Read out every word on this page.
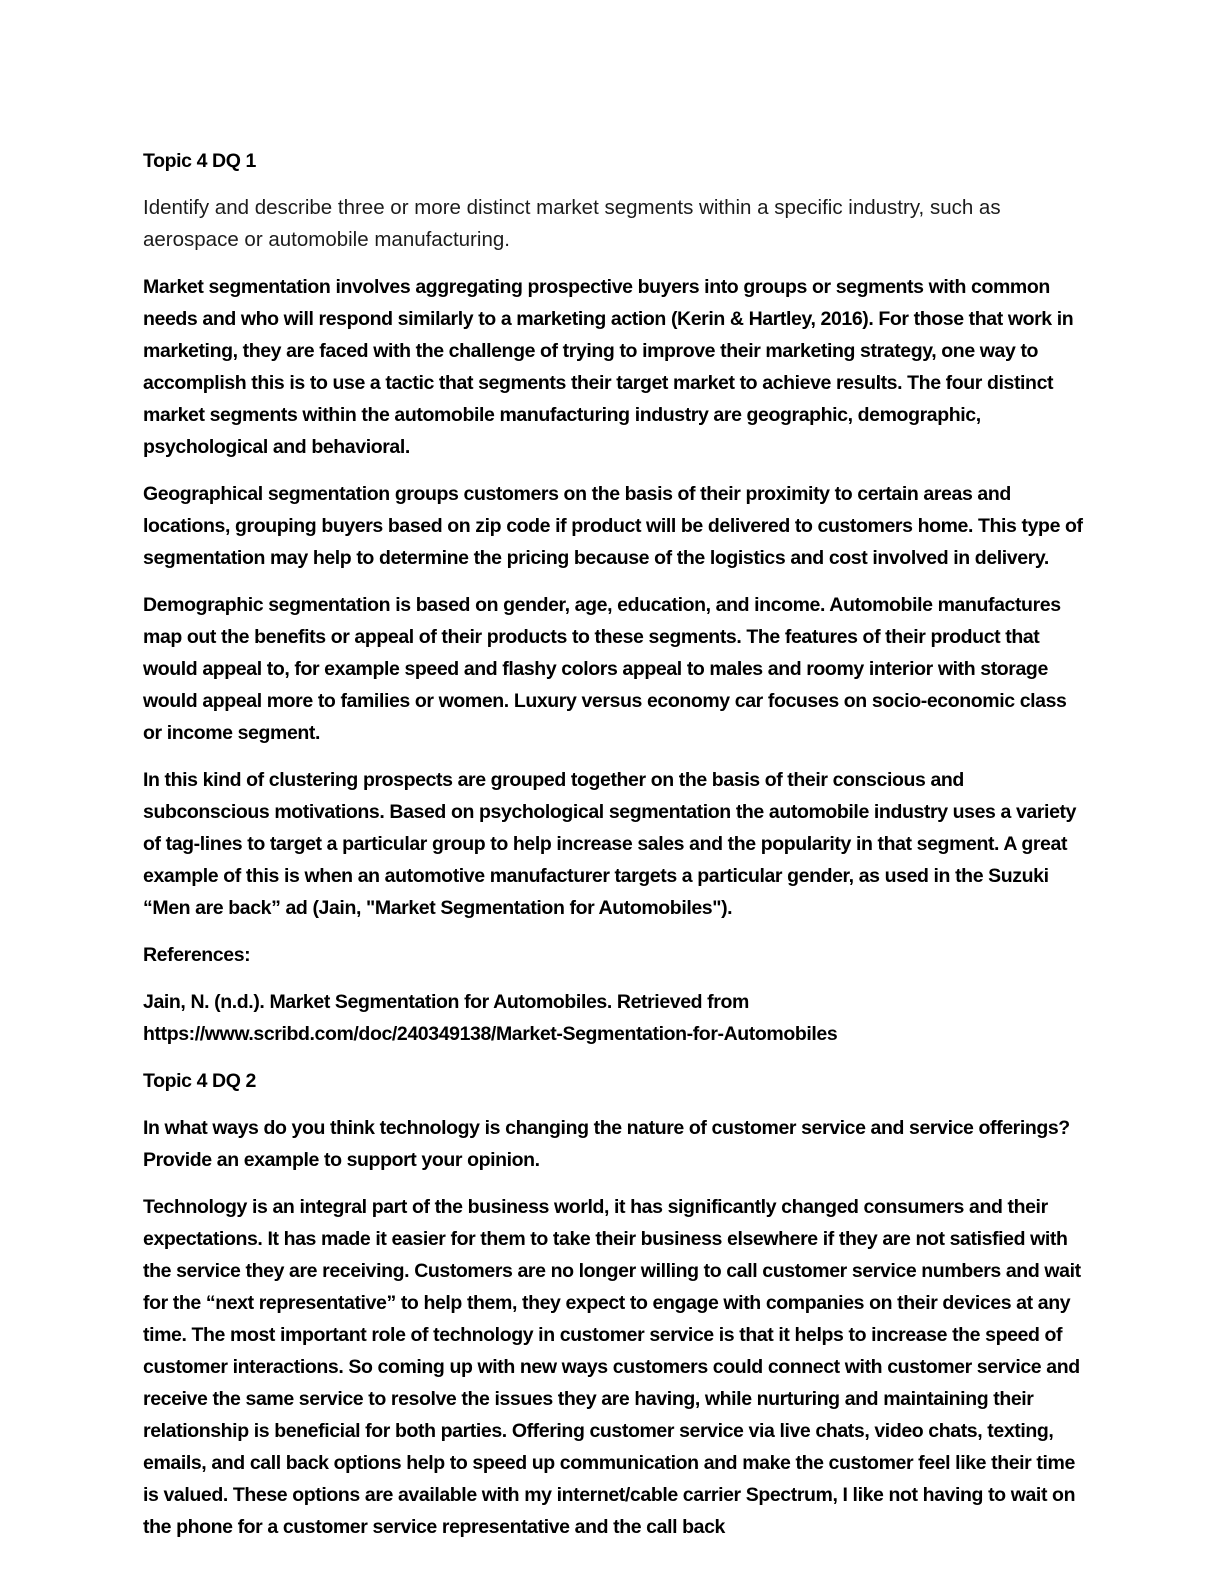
Topic 4 DQ 1

Identify and describe three or more distinct market segments within a specific industry, such as aerospace or automobile manufacturing.

Market segmentation involves aggregating prospective buyers into groups or segments with common needs and who will respond similarly to a marketing action (Kerin & Hartley, 2016). For those that work in marketing, they are faced with the challenge of trying to improve their marketing strategy, one way to accomplish this is to use a tactic that segments their target market to achieve results. The four distinct market segments within the automobile manufacturing industry are geographic, demographic, psychological and behavioral.

Geographical segmentation groups customers on the basis of their proximity to certain areas and locations, grouping buyers based on zip code if product will be delivered to customers home. This type of segmentation may help to determine the pricing because of the logistics and cost involved in delivery.

Demographic segmentation is based on gender, age, education, and income. Automobile manufactures map out the benefits or appeal of their products to these segments. The features of their product that would appeal to, for example speed and flashy colors appeal to males and roomy interior with storage would appeal more to families or women. Luxury versus economy car focuses on socio-economic class or income segment.

In this kind of clustering prospects are grouped together on the basis of their conscious and subconscious motivations. Based on psychological segmentation the automobile industry uses a variety of tag-lines to target a particular group to help increase sales and the popularity in that segment. A great example of this is when an automotive manufacturer targets a particular gender, as used in the Suzuki “Men are back” ad (Jain, "Market Segmentation for Automobiles").

References:

Jain, N. (n.d.). Market Segmentation for Automobiles. Retrieved from https://www.scribd.com/doc/240349138/Market-Segmentation-for-Automobiles

Topic 4 DQ 2

In what ways do you think technology is changing the nature of customer service and service offerings? Provide an example to support your opinion.

Technology is an integral part of the business world, it has significantly changed consumers and their expectations. It has made it easier for them to take their business elsewhere if they are not satisfied with the service they are receiving. Customers are no longer willing to call customer service numbers and wait for the “next representative” to help them, they expect to engage with companies on their devices at any time. The most important role of technology in customer service is that it helps to increase the speed of customer interactions. So coming up with new ways customers could connect with customer service and receive the same service to resolve the issues they are having, while nurturing and maintaining their relationship is beneficial for both parties. Offering customer service via live chats, video chats, texting, emails, and call back options help to speed up communication and make the customer feel like their time is valued. These options are available with my internet/cable carrier Spectrum, I like not having to wait on the phone for a customer service representative and the call back
